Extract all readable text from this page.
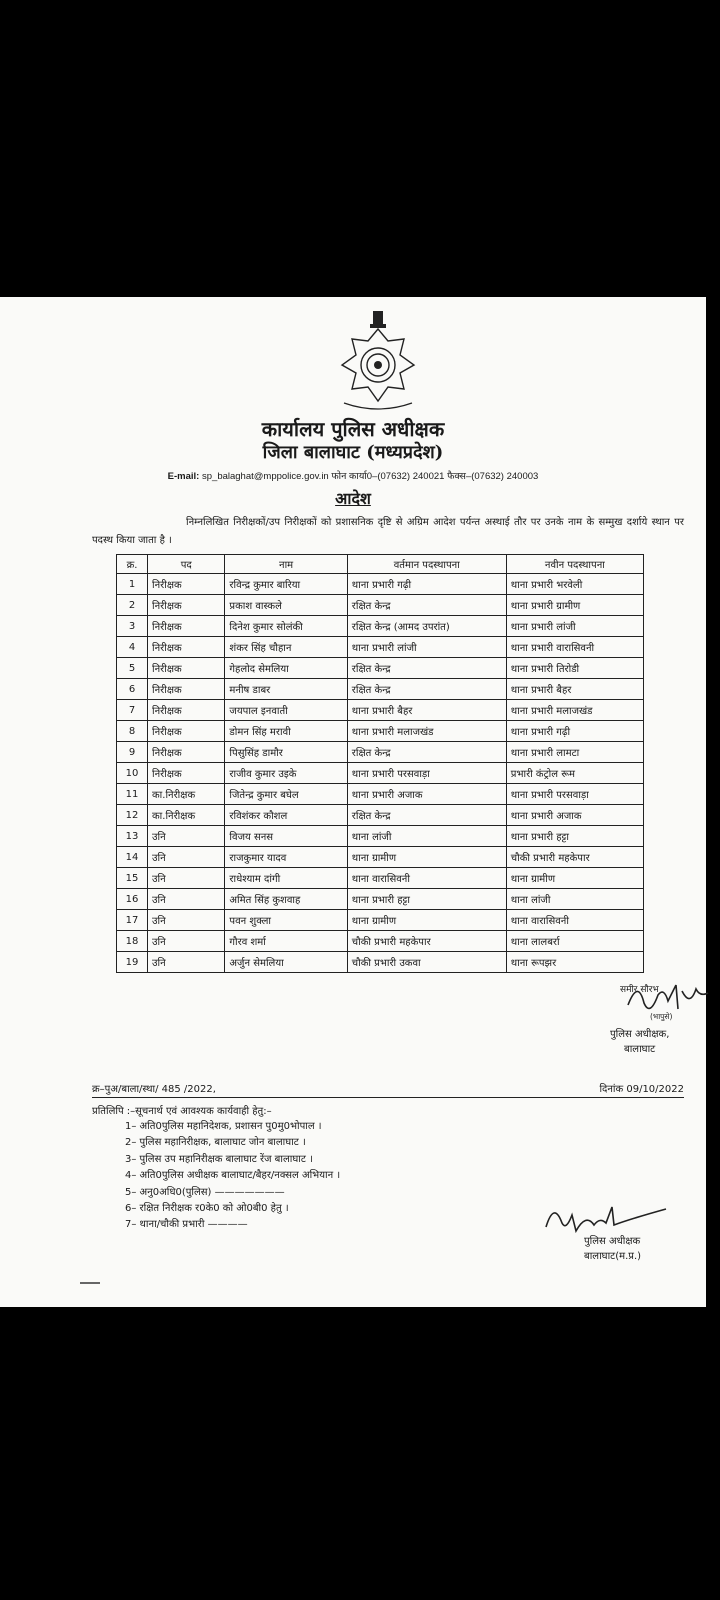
कार्यालय पुलिस अधीक्षक
जिला बालाघाट (मध्यप्रदेश)
E-mail: sp_balaghat@mppolice.gov.in फोन कार्या0–(07632) 240021 फैक्स–(07632) 240003
आदेश
निम्नलिखित निरीक्षकों/उप निरीक्षकों को प्रशासनिक दृष्टि से अग्रिम आदेश पर्यन्त अस्थाई तौर पर उनके नाम के सम्मुख दर्शाये स्थान पर पदस्थ किया जाता है ।
क्र.	पद	नाम	वर्तमान पदस्थापना	नवीन पदस्थापना
1	निरीक्षक	रविन्द्र कुमार बारिया	थाना प्रभारी गढ़ी	थाना प्रभारी भरवेली
2	निरीक्षक	प्रकाश वास्कले	रक्षित केन्द्र	थाना प्रभारी ग्रामीण
3	निरीक्षक	दिनेश कुमार सोलंकी	रक्षित केन्द्र (आमद उपरांत)	थाना प्रभारी लांजी
4	निरीक्षक	शंकर सिंह चौहान	थाना प्रभारी लांजी	थाना प्रभारी वारासिवनी
5	निरीक्षक	गेहलोद सेमलिया	रक्षित केन्द्र	थाना प्रभारी तिरोडी
6	निरीक्षक	मनीष डाबर	रक्षित केन्द्र	थाना प्रभारी बैहर
7	निरीक्षक	जयपाल इनवाती	थाना प्रभारी बैहर	थाना प्रभारी मलाजखंड
8	निरीक्षक	डोमन सिंह मरावी	थाना प्रभारी मलाजखंड	थाना प्रभारी गढ़ी
9	निरीक्षक	पिसुसिंह डामौर	रक्षित केन्द्र	थाना प्रभारी लामटा
10	निरीक्षक	राजीव कुमार उइके	थाना प्रभारी परसवाड़ा	प्रभारी कंट्रोल रूम
11	का.निरीक्षक	जितेन्द्र कुमार बघेल	थाना प्रभारी अजाक	थाना प्रभारी परसवाड़ा
12	का.निरीक्षक	रविशंकर कौशल	रक्षित केन्द्र	थाना प्रभारी अजाक
13	उनि	विजय सनस	थाना लांजी	थाना प्रभारी हट्टा
14	उनि	राजकुमार यादव	थाना ग्रामीण	चौकी प्रभारी महकेपार
15	उनि	राधेश्याम दांगी	थाना वारासिवनी	थाना ग्रामीण
16	उनि	अमित सिंह कुशवाह	थाना प्रभारी हट्टा	थाना लांजी
17	उनि	पवन शुक्ला	थाना ग्रामीण	थाना वारासिवनी
18	उनि	गौरव शर्मा	चौकी प्रभारी महकेपार	थाना लालबर्रा
19	उनि	अर्जुन सेमलिया	चौकी प्रभारी उकवा	थाना रूपझर
समीर सौरभ
(भापुसे)
पुलिस अधीक्षक,
बालाघाट
क्र–पुअ/बाला/स्था/ 485 /2022,	दिनांक 09/10/2022
प्रतिलिपि :–सूचनार्थ एवं आवश्यक कार्यवाही हेतु:–
1– अति0पुलिस महानिदेशक, प्रशासन पु0मु0भोपाल ।
2– पुलिस महानिरीक्षक, बालाघाट जोन बालाघाट ।
3– पुलिस उप महानिरीक्षक बालाघाट रेंज बालाघाट ।
4– अति0पुलिस अधीक्षक बालाघाट/बैहर/नक्सल अभियान ।
5– अनु0अधि0(पुलिस) ———————
6– रक्षित निरीक्षक र0के0 को ओ0बी0 हेतु ।
7– थाना/चौकी प्रभारी ————
पुलिस अधीक्षक
बालाघाट(म.प्र.)
